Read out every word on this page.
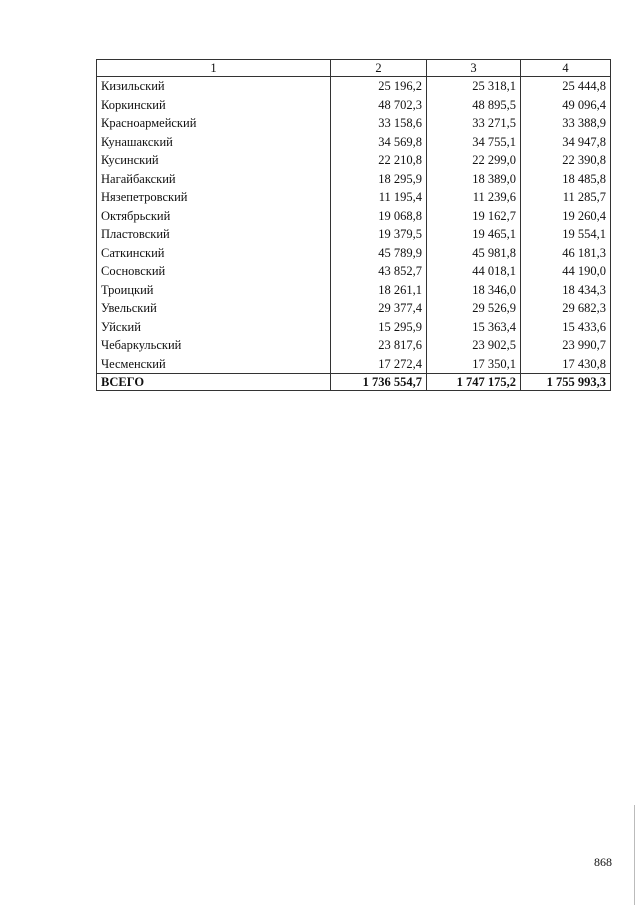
1	2	3	4
Кизильский	25 196,2	25 318,1	25 444,8
Коркинский	48 702,3	48 895,5	49 096,4
Красноармейский	33 158,6	33 271,5	33 388,9
Кунашакский	34 569,8	34 755,1	34 947,8
Кусинский	22 210,8	22 299,0	22 390,8
Нагайбакский	18 295,9	18 389,0	18 485,8
Нязепетровский	11 195,4	11 239,6	11 285,7
Октябрьский	19 068,8	19 162,7	19 260,4
Пластовский	19 379,5	19 465,1	19 554,1
Саткинский	45 789,9	45 981,8	46 181,3
Сосновский	43 852,7	44 018,1	44 190,0
Троицкий	18 261,1	18 346,0	18 434,3
Увельский	29 377,4	29 526,9	29 682,3
Уйский	15 295,9	15 363,4	15 433,6
Чебаркульский	23 817,6	23 902,5	23 990,7
Чесменский	17 272,4	17 350,1	17 430,8
ВСЕГО	1 736 554,7	1 747 175,2	1 755 993,3
868
